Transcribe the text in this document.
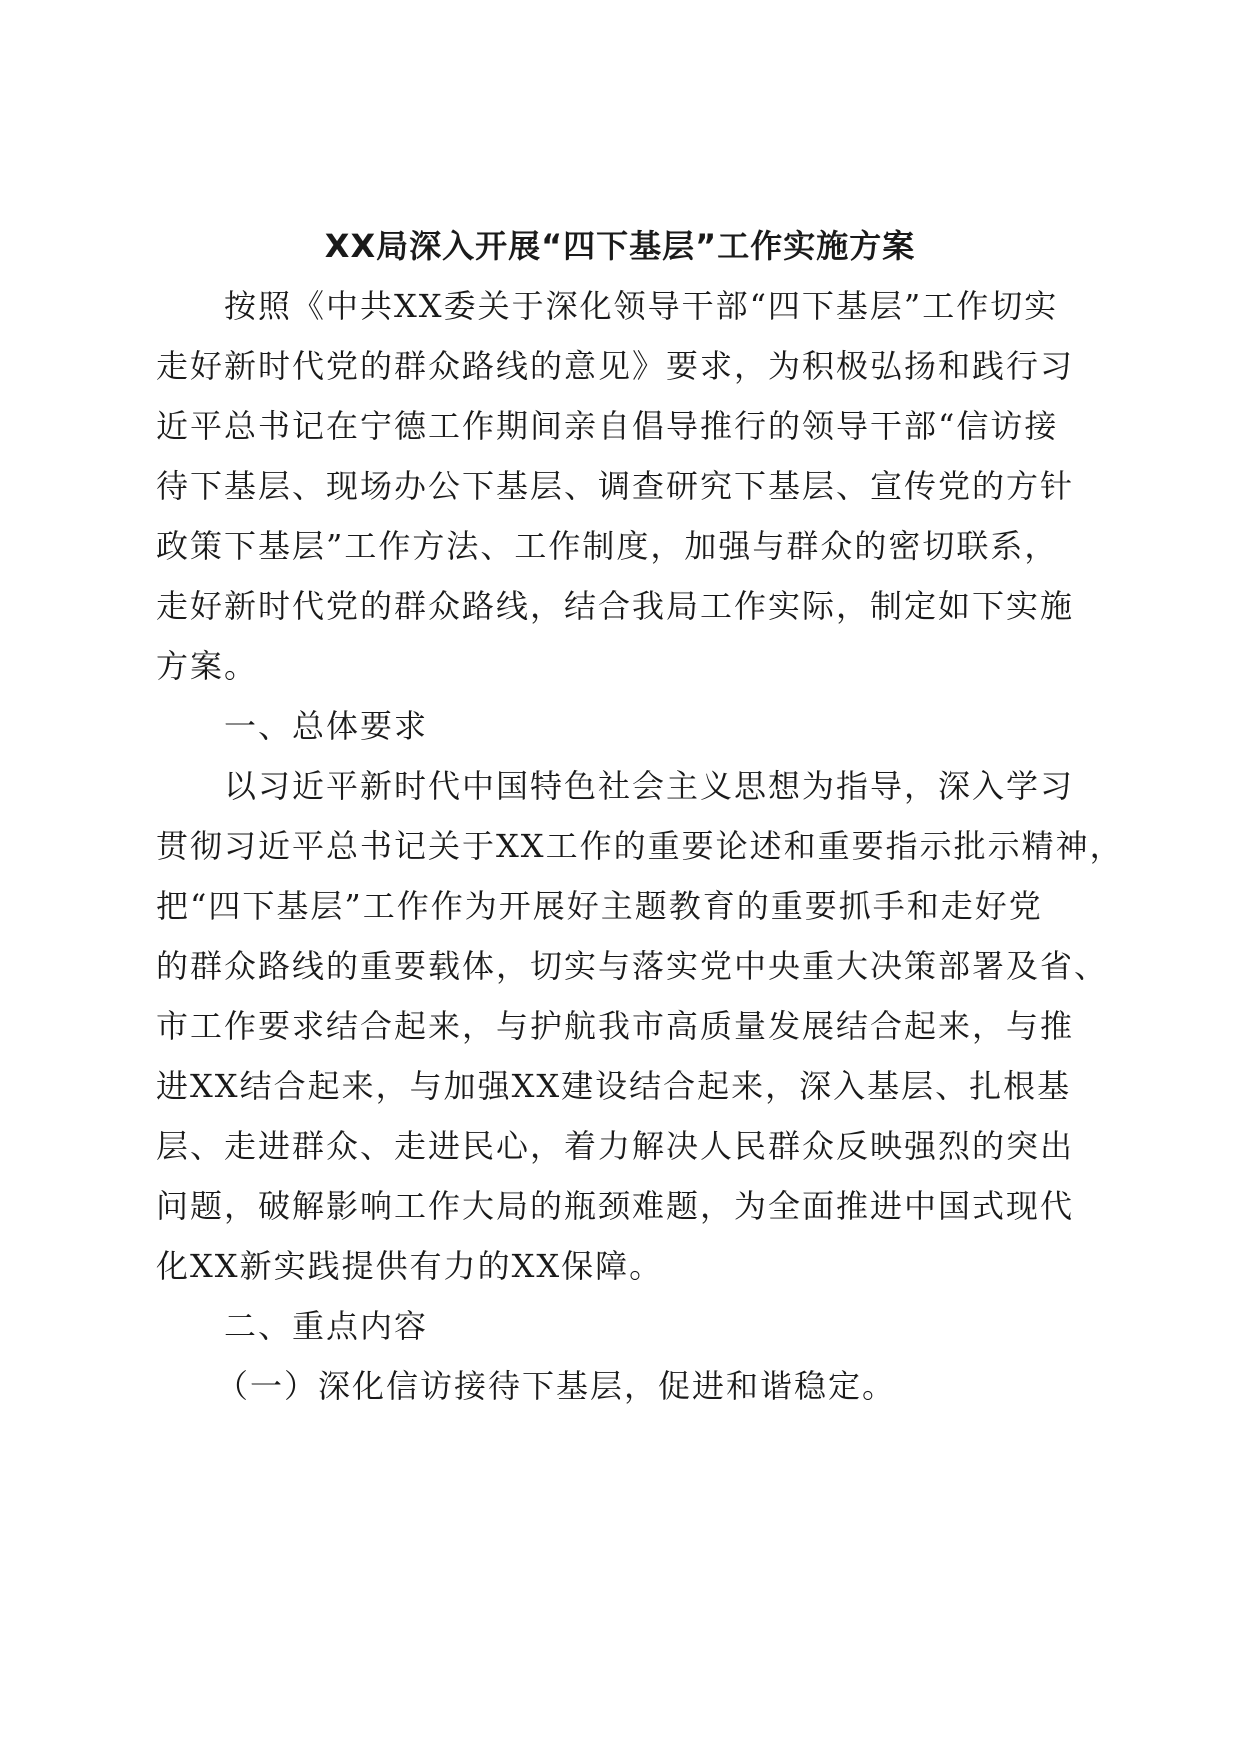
XX局深入开展“四下基层”工作实施方案
按照《中共XX委关于深化领导干部“四下基层”工作切实
走好新时代党的群众路线的意见》要求，为积极弘扬和践行习
近平总书记在宁德工作期间亲自倡导推行的领导干部“信访接
待下基层、现场办公下基层、调查研究下基层、宣传党的方针
政策下基层”工作方法、工作制度，加强与群众的密切联系，
走好新时代党的群众路线，结合我局工作实际，制定如下实施
方案。
一、总体要求
以习近平新时代中国特色社会主义思想为指导，深入学习
贯彻习近平总书记关于XX工作的重要论述和重要指示批示精神，
把“四下基层”工作作为开展好主题教育的重要抓手和走好党
的群众路线的重要载体，切实与落实党中央重大决策部署及省、
市工作要求结合起来，与护航我市高质量发展结合起来，与推
进XX结合起来，与加强XX建设结合起来，深入基层、扎根基
层、走进群众、走进民心，着力解决人民群众反映强烈的突出
问题，破解影响工作大局的瓶颈难题，为全面推进中国式现代
化XX新实践提供有力的XX保障。
二、重点内容
（一）深化信访接待下基层，促进和谐稳定。
